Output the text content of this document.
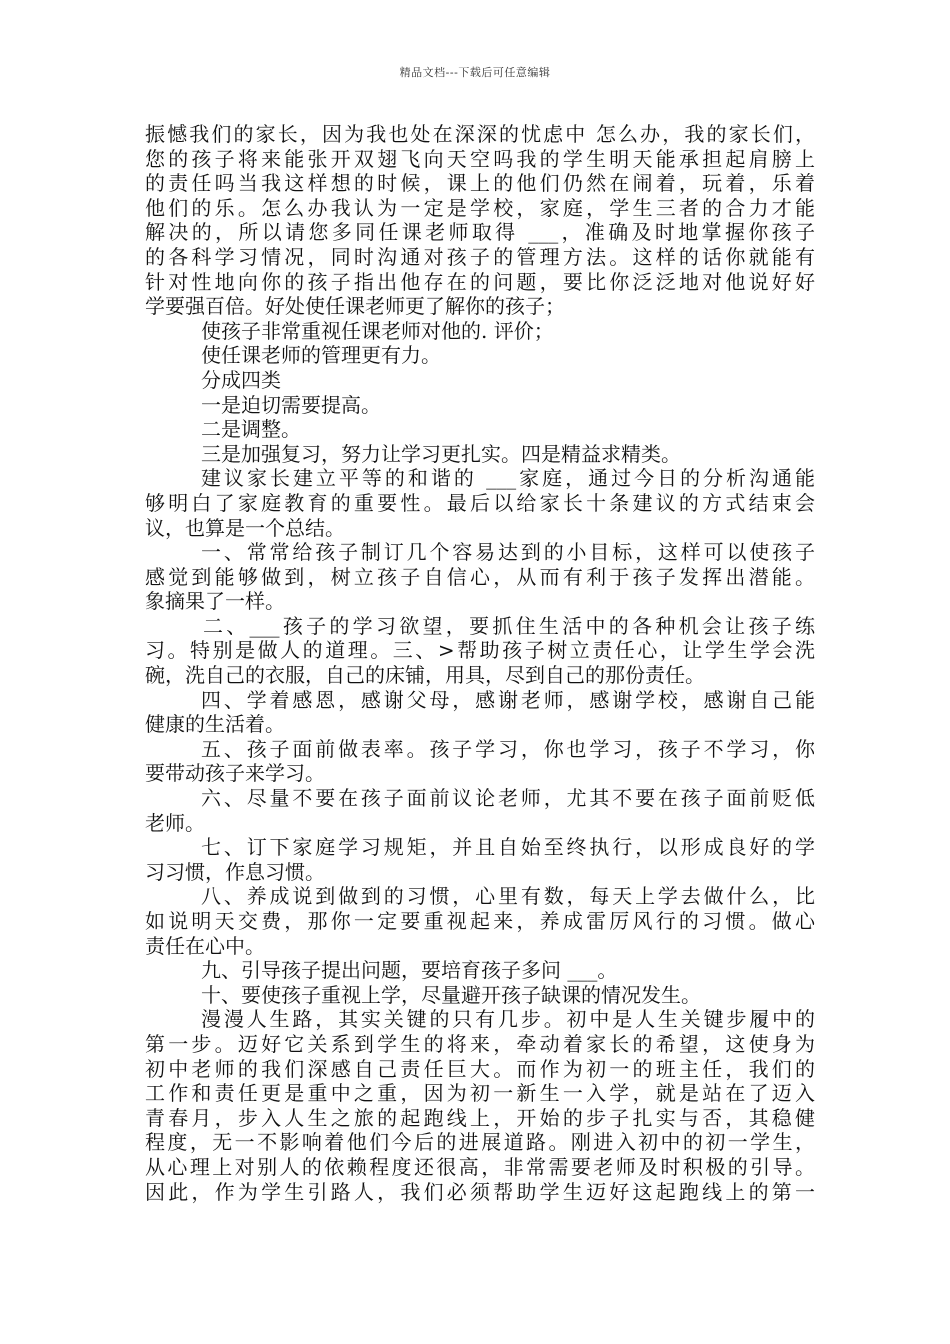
精品文档---下载后可任意编辑
振憾我们的家长，因为我也处在深深的忧虑中 怎么办，我的家长们，
您的孩子将来能张开双翅飞向天空吗我的学生明天能承担起肩膀上
的责任吗当我这样想的时候，课上的他们仍然在闹着，玩着，乐着
他们的乐。怎么办我认为一定是学校，家庭，学生三者的合力才能
解决的，所以请您多同任课老师取得 ___，准确及时地掌握你孩子
的各科学习情况，同时沟通对孩子的管理方法。这样的话你就能有
针对性地向你的孩子指出他存在的问题，要比你泛泛地对他说好好
学要强百倍。好处使任课老师更了解你的孩子；
使孩子非常重视任课老师对他的. 评价；
使任课老师的管理更有力。
分成四类
一是迫切需要提高。
二是调整。
三是加强复习，努力让学习更扎实。四是精益求精类。
建议家长建立平等的和谐的 ___家庭，通过今日的分析沟通能
够明白了家庭教育的重要性。最后以给家长十条建议的方式结束会
议，也算是一个总结。
一、常常给孩子制订几个容易达到的小目标，这样可以使孩子
感觉到能够做到，树立孩子自信心，从而有利于孩子发挥出潜能。
象摘果了一样。
二、___孩子的学习欲望，要抓住生活中的各种机会让孩子练
习。特别是做人的道理。三、>帮助孩子树立责任心，让学生学会洗
碗，洗自己的衣服，自己的床铺，用具，尽到自己的那份责任。
四、学着感恩，感谢父母，感谢老师，感谢学校，感谢自己能
健康的生活着。
五、孩子面前做表率。孩子学习，你也学习，孩子不学习，你
要带动孩子来学习。
六、尽量不要在孩子面前议论老师，尤其不要在孩子面前贬低
老师。
七、订下家庭学习规矩，并且自始至终执行，以形成良好的学
习习惯，作息习惯。
八、养成说到做到的习惯，心里有数，每天上学去做什么，比
如说明天交费，那你一定要重视起来，养成雷厉风行的习惯。做心
责任在心中。
九、引导孩子提出问题，要培育孩子多问 ___。
十、要使孩子重视上学，尽量避开孩子缺课的情况发生。
漫漫人生路，其实关键的只有几步。初中是人生关键步履中的
第一步。迈好它关系到学生的将来，牵动着家长的希望，这使身为
初中老师的我们深感自己责任巨大。而作为初一的班主任，我们的
工作和责任更是重中之重，因为初一新生一入学，就是站在了迈入
青春月，步入人生之旅的起跑线上，开始的步子扎实与否，其稳健
程度，无一不影响着他们今后的进展道路。刚进入初中的初一学生，
从心理上对别人的依赖程度还很高，非常需要老师及时积极的引导。
因此，作为学生引路人，我们必须帮助学生迈好这起跑线上的第一
